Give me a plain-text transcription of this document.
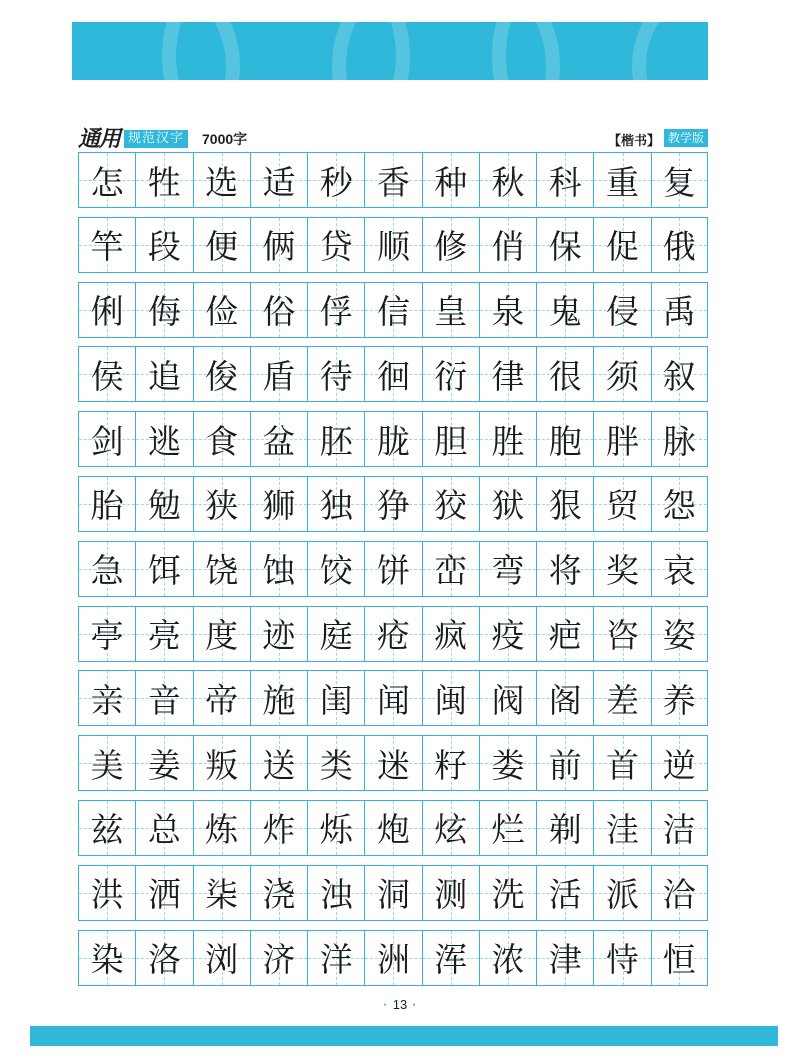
通用 规范汉字 7000字	【楷书】 教学版
怎 牲 选 适 秒 香 种 秋 科 重 复
竿 段 便 俩 贷 顺 修 俏 保 促 俄
俐 侮 俭 俗 俘 信 皇 泉 鬼 侵 禹
侯 追 俊 盾 待 徊 衍 律 很 须 叙
剑 逃 食 盆 胚 胧 胆 胜 胞 胖 脉
胎 勉 狭 狮 独 狰 狡 狱 狠 贸 怨
急 饵 饶 蚀 饺 饼 峦 弯 将 奖 哀
亭 亮 度 迹 庭 疮 疯 疫 疤 咨 姿
亲 音 帝 施 闺 闻 闽 阀 阁 差 养
美 姜 叛 送 类 迷 籽 娄 前 首 逆
兹 总 炼 炸 烁 炮 炫 烂 剃 洼 洁
洪 洒 柒 浇 浊 洞 测 洗 活 派 洽
染 洛 浏 济 洋 洲 浑 浓 津 恃 恒
· 13 ·
